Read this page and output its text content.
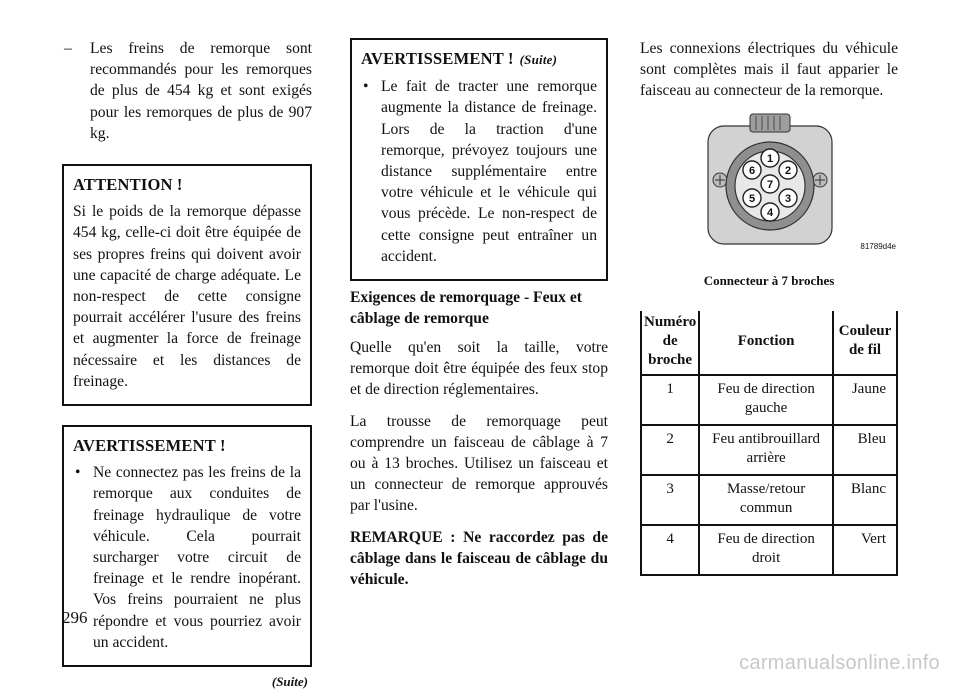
– Les freins de remorque sont recommandés pour les remorques de plus de 454 kg et sont exigés pour les remorques de plus de 907 kg.
ATTENTION !

Si le poids de la remorque dépasse 454 kg, celle-ci doit être équipée de ses propres freins qui doivent avoir une capacité de charge adéquate. Le non-respect de cette consigne pourrait accélérer l'usure des freins et augmenter la force de freinage nécessaire et les distances de freinage.

AVERTISSEMENT !
• Ne connectez pas les freins de la remorque aux conduites de freinage hydraulique de votre véhicule. Cela pourrait surcharger votre circuit de freinage et le rendre inopérant. Vos freins pourraient ne plus répondre et vous pourriez avoir un accident.
(Suite)
AVERTISSEMENT ! (Suite)
• Le fait de tracter une remorque augmente la distance de freinage. Lors de la traction d'une remorque, prévoyez toujours une distance supplémentaire entre votre véhicule et le véhicule qui vous précède. Le non-respect de cette consigne peut entraîner un accident.
Exigences de remorquage - Feux et câblage de remorque

Quelle qu'en soit la taille, votre remorque doit être équipée des feux stop et de direction réglementaires.

La trousse de remorquage peut comprendre un faisceau de câblage à 7 ou à 13 broches. Utilisez un faisceau et un connecteur de remorque approuvés par l'usine.

REMARQUE : Ne raccordez pas de câblage dans le faisceau de câblage du véhicule.

Les connexions électriques du véhicule sont complètes mais il faut apparier le faisceau au connecteur de la remorque.

1
2
3
4
5
6
7
81789d4e
Connecteur à 7 broches
Numéro de broche	Fonction	Couleur de fil
1	Feu de direction gauche	Jaune
2	Feu antibrouillard arrière	Bleu
3	Masse/retour commun	Blanc
4	Feu de direction droit	Vert
296
carmanualsonline.info
